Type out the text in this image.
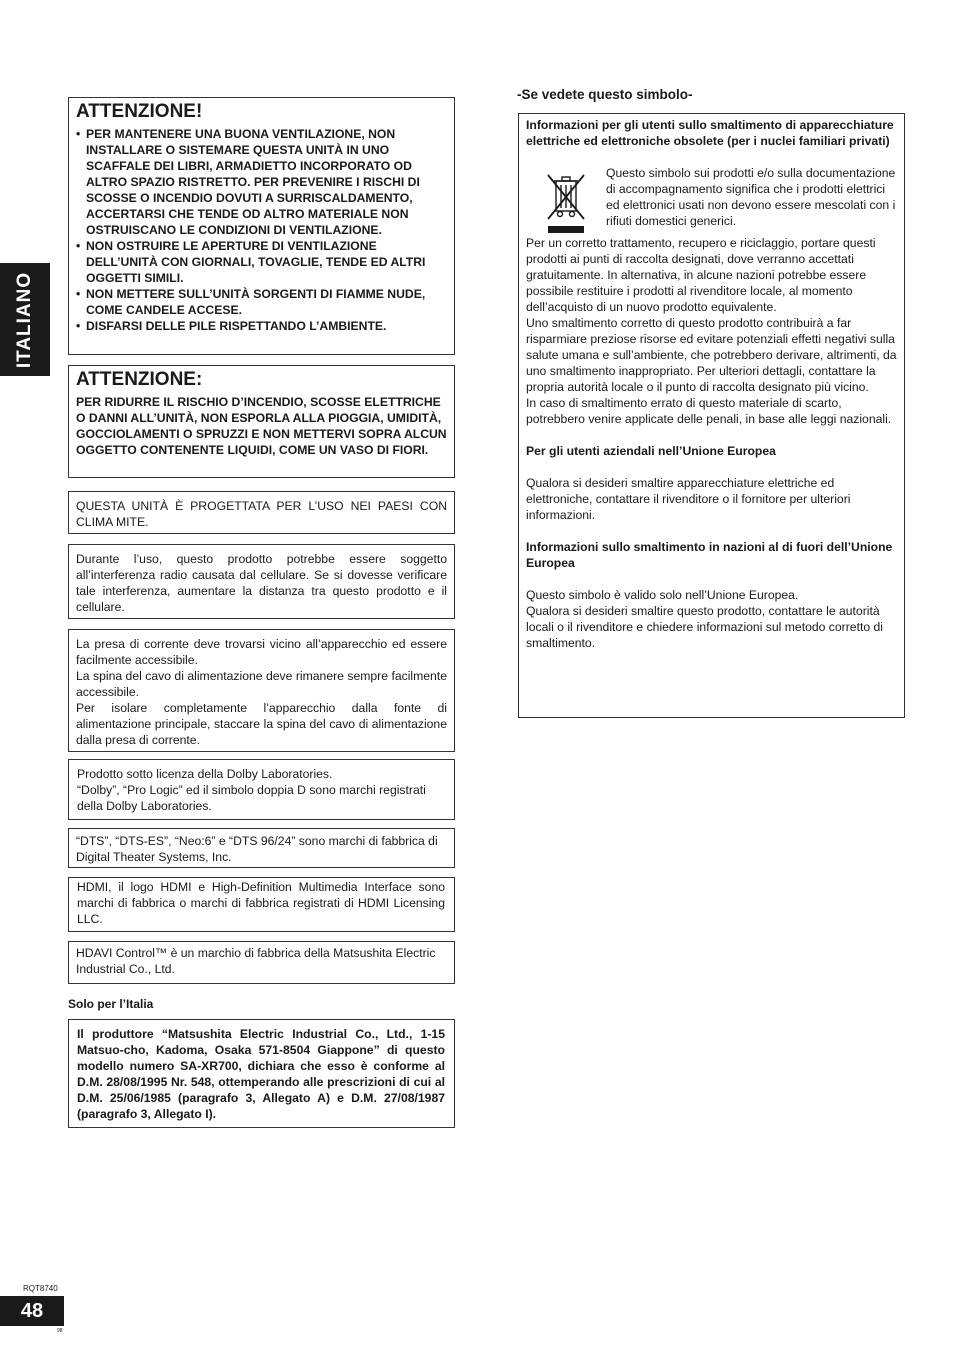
ITALIANO
ATTENZIONE!
• PER MANTENERE UNA BUONA VENTILAZIONE, NON INSTALLARE O SISTEMARE QUESTA UNITÀ IN UNO SCAFFALE DEI LIBRI, ARMADIETTO INCORPORATO OD ALTRO SPAZIO RISTRETTO. PER PREVENIRE I RISCHI DI SCOSSE O INCENDIO DOVUTI A SURRISCALDAMENTO, ACCERTARSI CHE TENDE OD ALTRO MATERIALE NON OSTRUISCANO LE CONDIZIONI DI VENTILAZIONE.
• NON OSTRUIRE LE APERTURE DI VENTILAZIONE DELL’UNITÀ CON GIORNALI, TOVAGLIE, TENDE ED ALTRI OGGETTI SIMILI.
• NON METTERE SULL’UNITÀ SORGENTI DI FIAMME NUDE, COME CANDELE ACCESE.
• DISFARSI DELLE PILE RISPETTANDO L’AMBIENTE.
ATTENZIONE:

PER RIDURRE IL RISCHIO D’INCENDIO, SCOSSE ELETTRICHE O DANNI ALL’UNITÀ, NON ESPORLA ALLA PIOGGIA, UMIDITÀ, GOCCIOLAMENTI O SPRUZZI E NON METTERVI SOPRA ALCUN OGGETTO CONTENENTE LIQUIDI, COME UN VASO DI FIORI.

QUESTA UNITÀ È PROGETTATA PER L’USO NEI PAESI CON CLIMA MITE.

Durante l’uso, questo prodotto potrebbe essere soggetto all’interferenza radio causata dal cellulare. Se si dovesse verificare tale interferenza, aumentare la distanza tra questo prodotto e il cellulare.

La presa di corrente deve trovarsi vicino all’apparecchio ed essere facilmente accessibile.

La spina del cavo di alimentazione deve rimanere sempre facilmente accessibile.

Per isolare completamente l’apparecchio dalla fonte di alimentazione principale, staccare la spina del cavo di alimentazione dalla presa di corrente.

Prodotto sotto licenza della Dolby Laboratories.

“Dolby”, “Pro Logic” ed il simbolo doppia D sono marchi registrati della Dolby Laboratories.

“DTS”, “DTS-ES”, “Neo:6” e “DTS 96/24” sono marchi di fabbrica di Digital Theater Systems, Inc.

HDMI, il logo HDMI e High-Definition Multimedia Interface sono marchi di fabbrica o marchi di fabbrica registrati di HDMI Licensing LLC.

HDAVI Control™ è un marchio di fabbrica della Matsushita Electric Industrial Co., Ltd.

Solo per l’Italia

Il produttore “Matsushita Electric Industrial Co., Ltd., 1-15 Matsuo-cho, Kadoma, Osaka 571-8504 Giappone” di questo modello numero SA-XR700, dichiara che esso è conforme al D.M. 28/08/1995 Nr. 548, ottemperando alle prescrizioni di cui al D.M. 25/06/1985 (paragrafo 3, Allegato A) e D.M. 27/08/1987 (paragrafo 3, Allegato I).

-Se vedete questo simbolo-

Informazioni per gli utenti sullo smaltimento di apparecchiature elettriche ed elettroniche obsolete (per i nuclei familiari privati)

Questo simbolo sui prodotti e/o sulla documentazione di accompagnamento significa che i prodotti elettrici ed elettronici usati non devono essere mescolati con i rifiuti domestici generici.

Per un corretto trattamento, recupero e riciclaggio, portare questi prodotti ai punti di raccolta designati, dove verranno accettati gratuitamente. In alternativa, in alcune nazioni potrebbe essere possibile restituire i prodotti al rivenditore locale, al momento dell’acquisto di un nuovo prodotto equivalente.

Uno smaltimento corretto di questo prodotto contribuirà a far risparmiare preziose risorse ed evitare potenziali effetti negativi sulla salute umana e sull’ambiente, che potrebbero derivare, altrimenti, da uno smaltimento inappropriato. Per ulteriori dettagli, contattare la propria autorità locale o il punto di raccolta designato più vicino.

In caso di smaltimento errato di questo materiale di scarto, potrebbero venire applicate delle penali, in base alle leggi nazionali.

Per gli utenti aziendali nell’Unione Europea

Qualora si desideri smaltire apparecchiature elettriche ed elettroniche, contattare il rivenditore o il fornitore per ulteriori informazioni.

Informazioni sullo smaltimento in nazioni al di fuori dell’Unione Europea

Questo simbolo è valido solo nell’Unione Europea.

Qualora si desideri smaltire questo prodotto, contattare le autorità locali o il rivenditore e chiedere informazioni sul metodo corretto di smaltimento.

RQT8740
48
98
